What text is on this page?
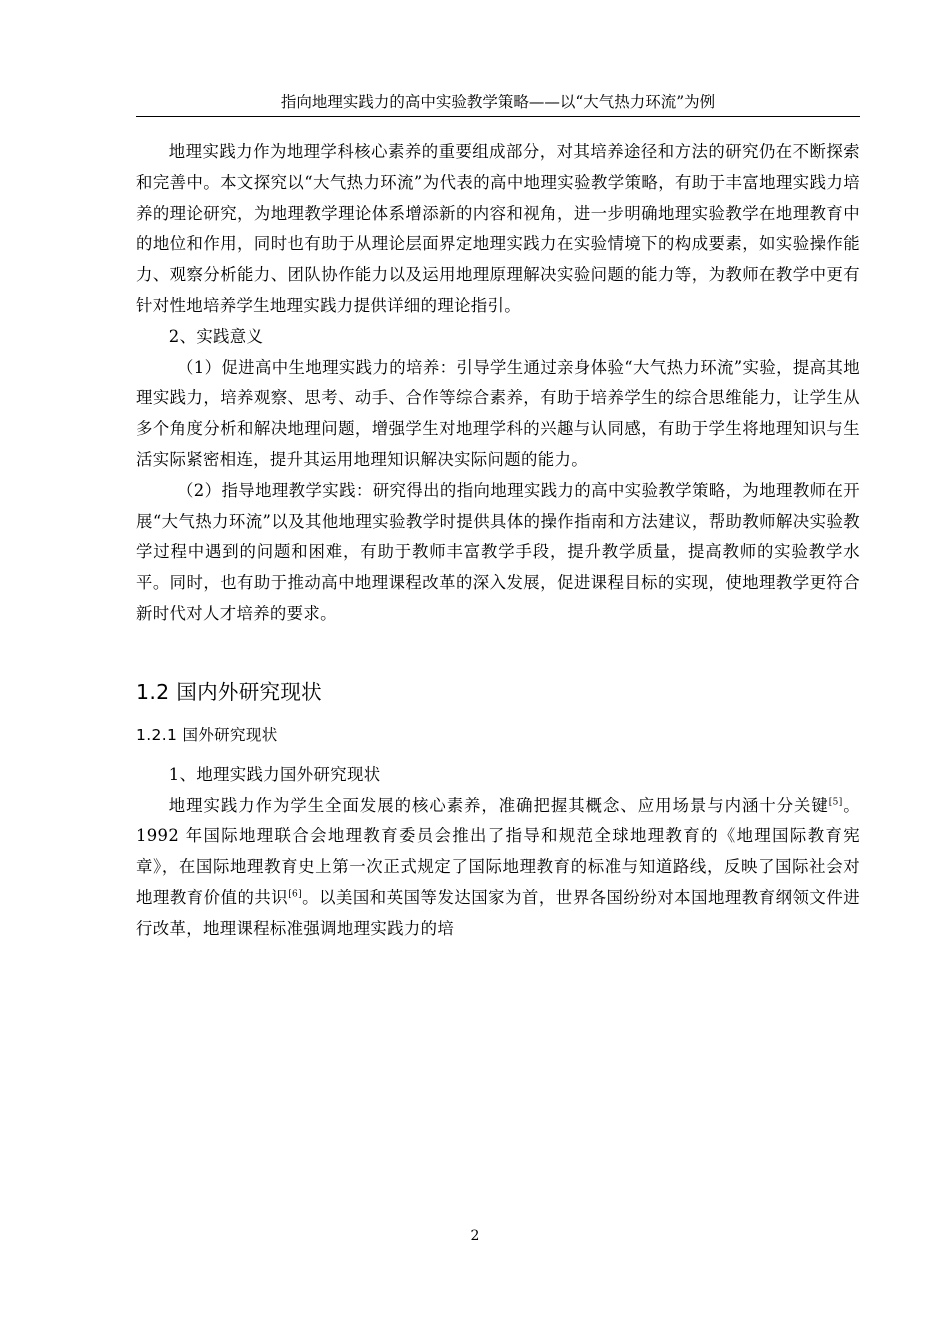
指向地理实践力的高中实验教学策略——以“大气热力环流”为例

地理实践力作为地理学科核心素养的重要组成部分，对其培养途径和方法的研究仍在不断探索和完善中。本文探究以“大气热力环流”为代表的高中地理实验教学策略，有助于丰富地理实践力培养的理论研究，为地理教学理论体系增添新的内容和视角，进一步明确地理实验教学在地理教育中的地位和作用，同时也有助于从理论层面界定地理实践力在实验情境下的构成要素，如实验操作能力、观察分析能力、团队协作能力以及运用地理原理解决实验问题的能力等，为教师在教学中更有针对性地培养学生地理实践力提供详细的理论指引。

2、实践意义

（1）促进高中生地理实践力的培养：引导学生通过亲身体验“大气热力环流”实验，提高其地理实践力，培养观察、思考、动手、合作等综合素养，有助于培养学生的综合思维能力，让学生从多个角度分析和解决地理问题，增强学生对地理学科的兴趣与认同感，有助于学生将地理知识与生活实际紧密相连，提升其运用地理知识解决实际问题的能力。

（2）指导地理教学实践：研究得出的指向地理实践力的高中实验教学策略，为地理教师在开展“大气热力环流”以及其他地理实验教学时提供具体的操作指南和方法建议，帮助教师解决实验教学过程中遇到的问题和困难，有助于教师丰富教学手段，提升教学质量，提高教师的实验教学水平。同时，也有助于推动高中地理课程改革的深入发展，促进课程目标的实现，使地理教学更符合新时代对人才培养的要求。

1.2 国内外研究现状
1.2.1 国外研究现状

1、地理实践力国外研究现状

地理实践力作为学生全面发展的核心素养，准确把握其概念、应用场景与内涵十分关键[5]。1992 年国际地理联合会地理教育委员会推出了指导和规范全球地理教育的《地理国际教育宪章》，在国际地理教育史上第一次正式规定了国际地理教育的标准与知道路线，反映了国际社会对地理教育价值的共识[6]。以美国和英国等发达国家为首，世界各国纷纷对本国地理教育纲领文件进行改革，地理课程标准强调地理实践力的培

2
